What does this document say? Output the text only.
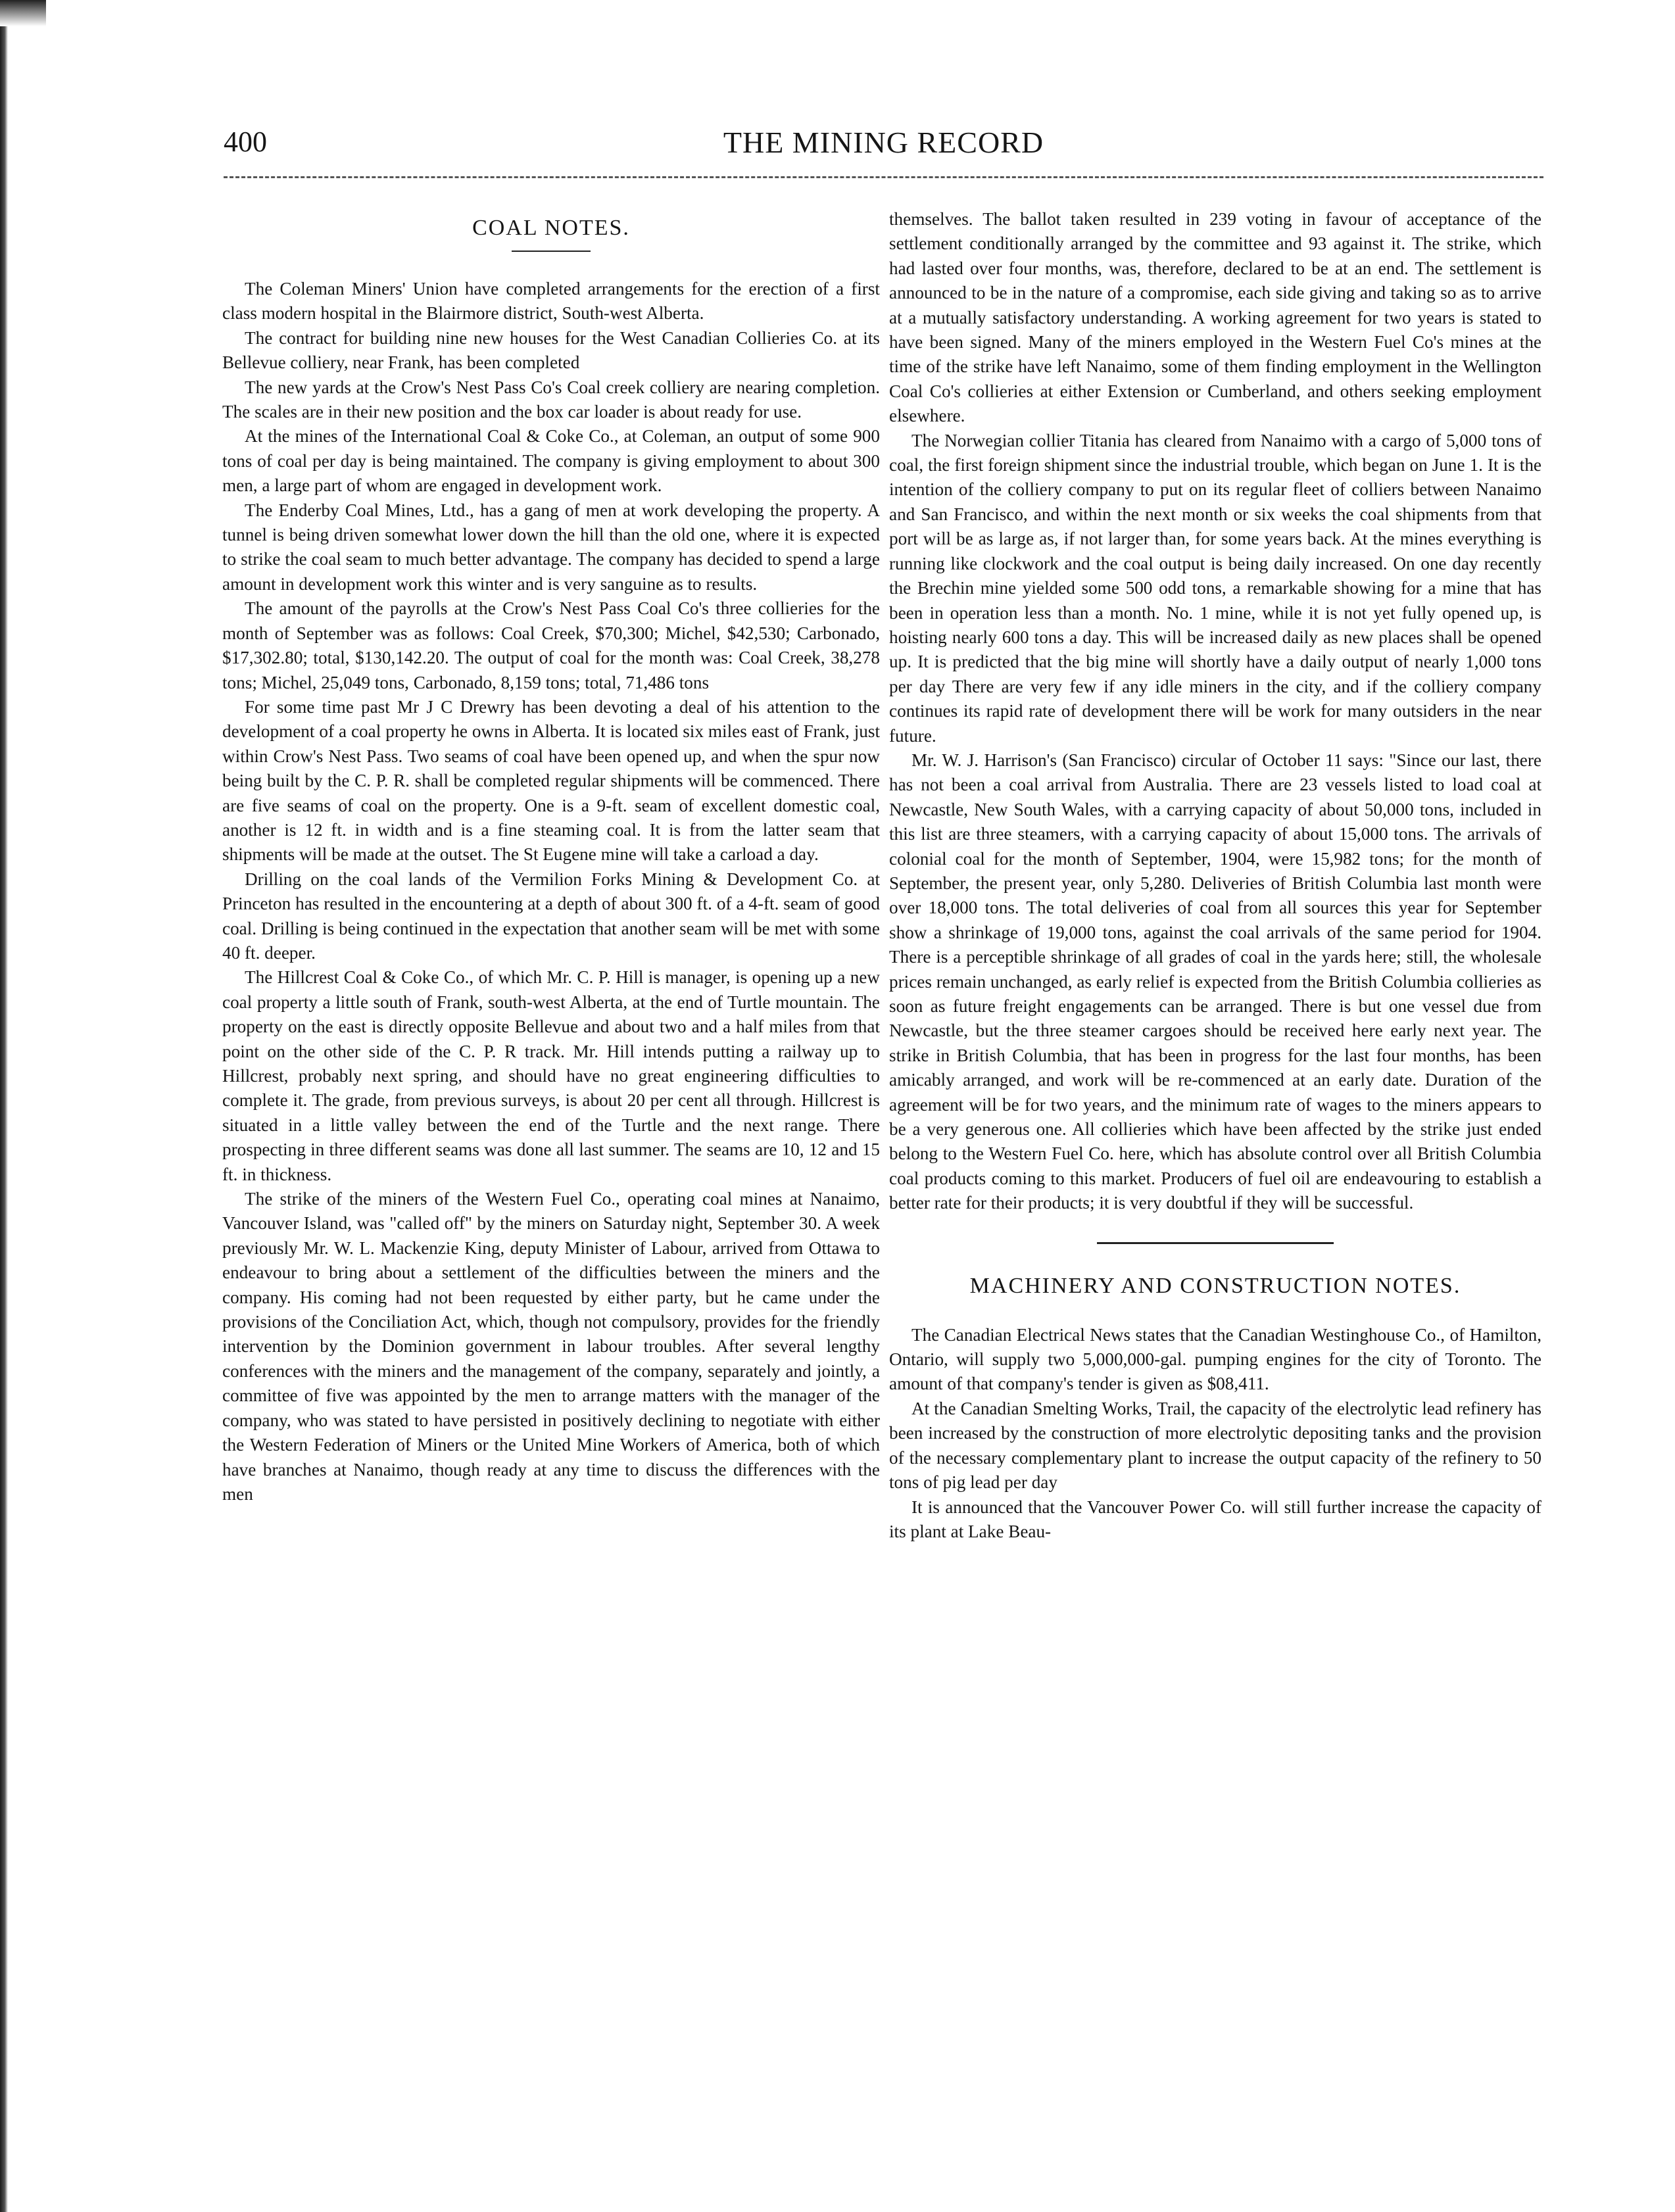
400	THE MINING RECORD
COAL NOTES.

The Coleman Miners' Union have completed arrangements for the erection of a first class modern hospital in the Blairmore district, South-west Alberta.

The contract for building nine new houses for the West Canadian Collieries Co. at its Bellevue colliery, near Frank, has been completed

The new yards at the Crow's Nest Pass Co's Coal creek colliery are nearing completion. The scales are in their new position and the box car loader is about ready for use.

At the mines of the International Coal & Coke Co., at Coleman, an output of some 900 tons of coal per day is being maintained. The company is giving employment to about 300 men, a large part of whom are engaged in development work.

The Enderby Coal Mines, Ltd., has a gang of men at work developing the property. A tunnel is being driven somewhat lower down the hill than the old one, where it is expected to strike the coal seam to much better advantage. The company has decided to spend a large amount in development work this winter and is very sanguine as to results.

The amount of the payrolls at the Crow's Nest Pass Coal Co's three collieries for the month of September was as follows: Coal Creek, $70,300; Michel, $42,530; Carbonado, $17,302.80; total, $130,142.20. The output of coal for the month was: Coal Creek, 38,278 tons; Michel, 25,049 tons, Carbonado, 8,159 tons; total, 71,486 tons

For some time past Mr J C Drewry has been devoting a deal of his attention to the development of a coal property he owns in Alberta. It is located six miles east of Frank, just within Crow's Nest Pass. Two seams of coal have been opened up, and when the spur now being built by the C. P. R. shall be completed regular shipments will be commenced. There are five seams of coal on the property. One is a 9-ft. seam of excellent domestic coal, another is 12 ft. in width and is a fine steaming coal. It is from the latter seam that shipments will be made at the outset. The St Eugene mine will take a carload a day.

Drilling on the coal lands of the Vermilion Forks Mining & Development Co. at Princeton has resulted in the encountering at a depth of about 300 ft. of a 4-ft. seam of good coal. Drilling is being continued in the expectation that another seam will be met with some 40 ft. deeper.

The Hillcrest Coal & Coke Co., of which Mr. C. P. Hill is manager, is opening up a new coal property a little south of Frank, south-west Alberta, at the end of Turtle mountain. The property on the east is directly opposite Bellevue and about two and a half miles from that point on the other side of the C. P. R track. Mr. Hill intends putting a railway up to Hillcrest, probably next spring, and should have no great engineering difficulties to complete it. The grade, from previous surveys, is about 20 per cent all through. Hillcrest is situated in a little valley between the end of the Turtle and the next range. There prospecting in three different seams was done all last summer. The seams are 10, 12 and 15 ft. in thickness.

The strike of the miners of the Western Fuel Co., operating coal mines at Nanaimo, Vancouver Island, was "called off" by the miners on Saturday night, September 30. A week previously Mr. W. L. Mackenzie King, deputy Minister of Labour, arrived from Ottawa to endeavour to bring about a settlement of the difficulties between the miners and the company. His coming had not been requested by either party, but he came under the provisions of the Conciliation Act, which, though not compulsory, provides for the friendly intervention by the Dominion government in labour troubles. After several lengthy conferences with the miners and the management of the company, separately and jointly, a committee of five was appointed by the men to arrange matters with the manager of the company, who was stated to have persisted in positively declining to negotiate with either the Western Federation of Miners or the United Mine Workers of America, both of which have branches at Nanaimo, though ready at any time to discuss the differences with the men

themselves. The ballot taken resulted in 239 voting in favour of acceptance of the settlement conditionally arranged by the committee and 93 against it. The strike, which had lasted over four months, was, therefore, declared to be at an end. The settlement is announced to be in the nature of a compromise, each side giving and taking so as to arrive at a mutually satisfactory understanding. A working agreement for two years is stated to have been signed. Many of the miners employed in the Western Fuel Co's mines at the time of the strike have left Nanaimo, some of them finding employment in the Wellington Coal Co's collieries at either Extension or Cumberland, and others seeking employment elsewhere.

The Norwegian collier Titania has cleared from Nanaimo with a cargo of 5,000 tons of coal, the first foreign shipment since the industrial trouble, which began on June 1. It is the intention of the colliery company to put on its regular fleet of colliers between Nanaimo and San Francisco, and within the next month or six weeks the coal shipments from that port will be as large as, if not larger than, for some years back. At the mines everything is running like clockwork and the coal output is being daily increased. On one day recently the Brechin mine yielded some 500 odd tons, a remarkable showing for a mine that has been in operation less than a month. No. 1 mine, while it is not yet fully opened up, is hoisting nearly 600 tons a day. This will be increased daily as new places shall be opened up. It is predicted that the big mine will shortly have a daily output of nearly 1,000 tons per day There are very few if any idle miners in the city, and if the colliery company continues its rapid rate of development there will be work for many outsiders in the near future.

Mr. W. J. Harrison's (San Francisco) circular of October 11 says: "Since our last, there has not been a coal arrival from Australia. There are 23 vessels listed to load coal at Newcastle, New South Wales, with a carrying capacity of about 50,000 tons, included in this list are three steamers, with a carrying capacity of about 15,000 tons. The arrivals of colonial coal for the month of September, 1904, were 15,982 tons; for the month of September, the present year, only 5,280. Deliveries of British Columbia last month were over 18,000 tons. The total deliveries of coal from all sources this year for September show a shrinkage of 19,000 tons, against the coal arrivals of the same period for 1904. There is a perceptible shrinkage of all grades of coal in the yards here; still, the wholesale prices remain unchanged, as early relief is expected from the British Columbia collieries as soon as future freight engagements can be arranged. There is but one vessel due from Newcastle, but the three steamer cargoes should be received here early next year. The strike in British Columbia, that has been in progress for the last four months, has been amicably arranged, and work will be re-commenced at an early date. Duration of the agreement will be for two years, and the minimum rate of wages to the miners appears to be a very generous one. All collieries which have been affected by the strike just ended belong to the Western Fuel Co. here, which has absolute control over all British Columbia coal products coming to this market. Producers of fuel oil are endeavouring to establish a better rate for their products; it is very doubtful if they will be successful.

MACHINERY AND CONSTRUCTION NOTES.

The Canadian Electrical News states that the Canadian Westinghouse Co., of Hamilton, Ontario, will supply two 5,000,000-gal. pumping engines for the city of Toronto. The amount of that company's tender is given as $08,411.

At the Canadian Smelting Works, Trail, the capacity of the electrolytic lead refinery has been increased by the construction of more electrolytic depositing tanks and the provision of the necessary complementary plant to increase the output capacity of the refinery to 50 tons of pig lead per day

It is announced that the Vancouver Power Co. will still further increase the capacity of its plant at Lake Beau-
